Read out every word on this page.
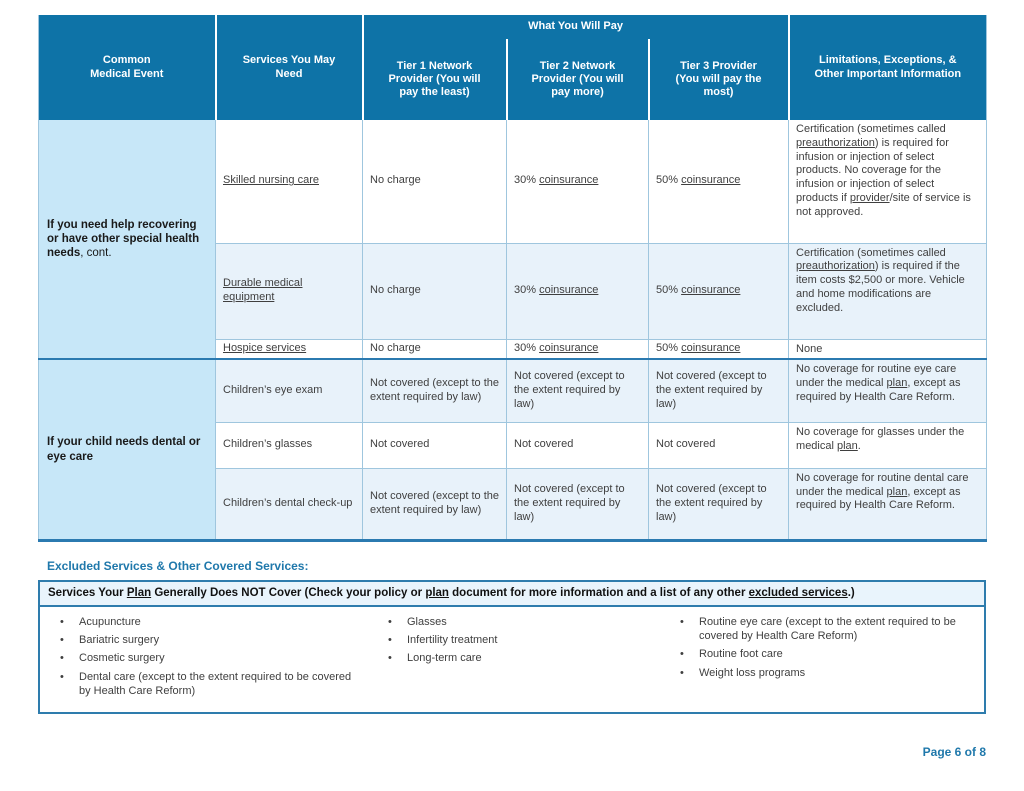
Common Medical Event	Services You May Need	What You Will Pay			Limitations, Exceptions, & Other Important Information

		Tier 1 Network Provider (You will pay the least)	Tier 2 Network Provider (You will pay more)	Tier 3 Provider (You will pay the most)	

If you need help recovering or have other special health needs, cont.	Skilled nursing care	No charge	30% coinsurance	50% coinsurance	Certification (sometimes called preauthorization) is required for infusion or injection of select products. No coverage for the infusion or injection of select products if provider/site of service is not approved.
	Durable medical equipment	No charge	30% coinsurance	50% coinsurance	Certification (sometimes called preauthorization) is required if the item costs $2,500 or more. Vehicle and home modifications are excluded.
	Hospice services	No charge	30% coinsurance	50% coinsurance	None
If your child needs dental or eye care	Children’s eye exam	Not covered (except to the extent required by law)	Not covered (except to the extent required by law)	Not covered (except to the extent required by law)	No coverage for routine eye care under the medical plan, except as required by Health Care Reform.
	Children’s glasses	Not covered	Not covered	Not covered	No coverage for glasses under the medical plan.
	Children’s dental check-up	Not covered (except to the extent required by law)	Not covered (except to the extent required by law)	Not covered (except to the extent required by law)	No coverage for routine dental care under the medical plan, except as required by Health Care Reform.
Excluded Services & Other Covered Services:
Services Your Plan Generally Does NOT Cover (Check your policy or plan document for more information and a list of any other excluded services.)
•	Acupuncture
•	Bariatric surgery
•	Cosmetic surgery
•	Dental care (except to the extent required to be covered by Health Care Reform)
•	Glasses
•	Infertility treatment
•	Long-term care
•	Routine eye care (except to the extent required to be covered by Health Care Reform)
•	Routine foot care
•	Weight loss programs
Page 6 of 8
